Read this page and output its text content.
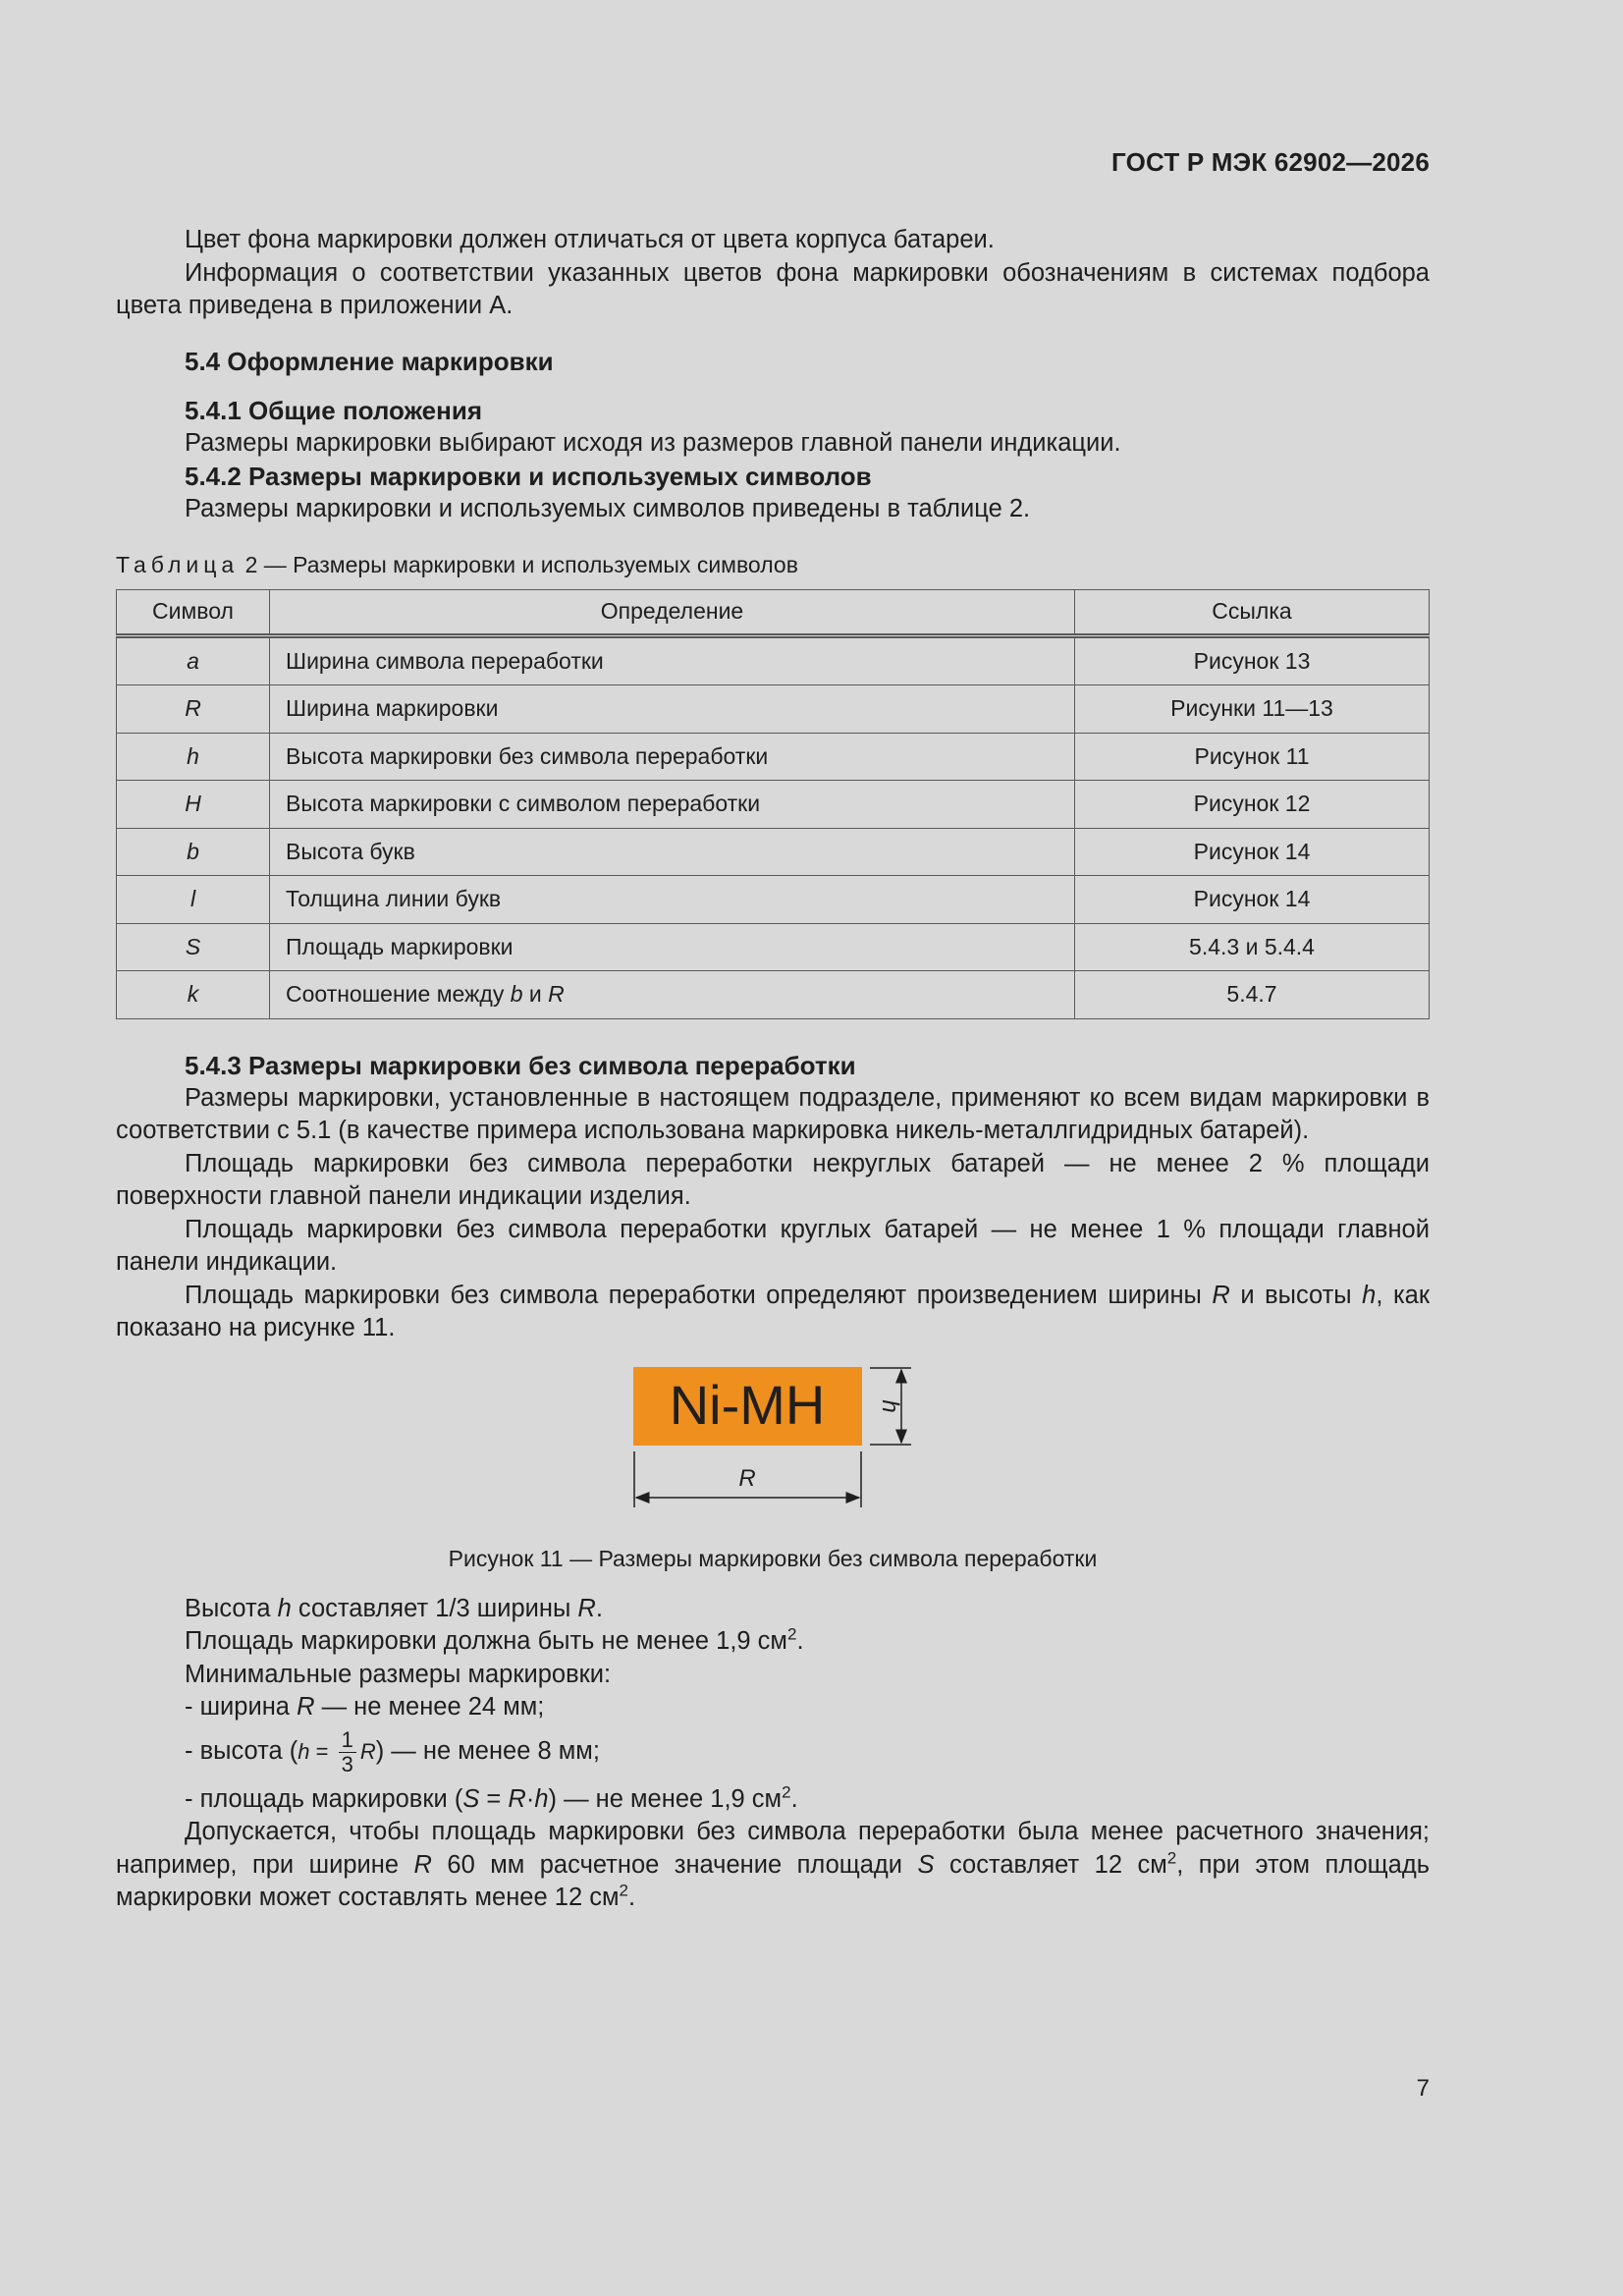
ГОСТ Р МЭК 62902—2026

Цвет фона маркировки должен отличаться от цвета корпуса батареи.

Информация о соответствии указанных цветов фона маркировки обозначениям в системах подбора цвета приведена в приложении А.

5.4 Оформление маркировки
5.4.1 Общие положения

Размеры маркировки выбирают исходя из размеров главной панели индикации.

5.4.2 Размеры маркировки и используемых символов

Размеры маркировки и используемых символов приведены в таблице 2.

Таблица 2 — Размеры маркировки и используемых символов
Символ	Определение	Ссылка
a	Ширина символа переработки	Рисунок 13
R	Ширина маркировки	Рисунки 11—13
h	Высота маркировки без символа переработки	Рисунок 11
H	Высота маркировки с символом переработки	Рисунок 12
b	Высота букв	Рисунок 14
l	Толщина линии букв	Рисунок 14
S	Площадь маркировки	5.4.3 и 5.4.4
k	Соотношение между b и R	5.4.7
5.4.3 Размеры маркировки без символа переработки

Размеры маркировки, установленные в настоящем подразделе, применяют ко всем видам маркировки в соответствии с 5.1 (в качестве примера использована маркировка никель-металлгидридных батарей).

Площадь маркировки без символа переработки некруглых батарей — не менее 2 % площади поверхности главной панели индикации изделия.

Площадь маркировки без символа переработки круглых батарей — не менее 1 % площади главной панели индикации.

Площадь маркировки без символа переработки определяют произведением ширины R и высоты h, как показано на рисунке 11.

Ni-MH h
R
Рисунок 11 — Размеры маркировки без символа переработки
Высота h составляет 1/3 ширины R.
Площадь маркировки должна быть не менее 1,9 $см^2$.
Минимальные размеры маркировки:
- ширина R — не менее 24 мм;
- высота $(h = \frac{1}{3} R)$ — не менее 8 мм;
- площадь маркировки (S = R·h) — не менее 1,9 $см^2$.

Допускается, чтобы площадь маркировки без символа переработки была менее расчетного значения; например, при ширине R 60 мм расчетное значение площади S составляет 12 $см^2$, при этом площадь маркировки может составлять менее 12 $см^2$.

7
